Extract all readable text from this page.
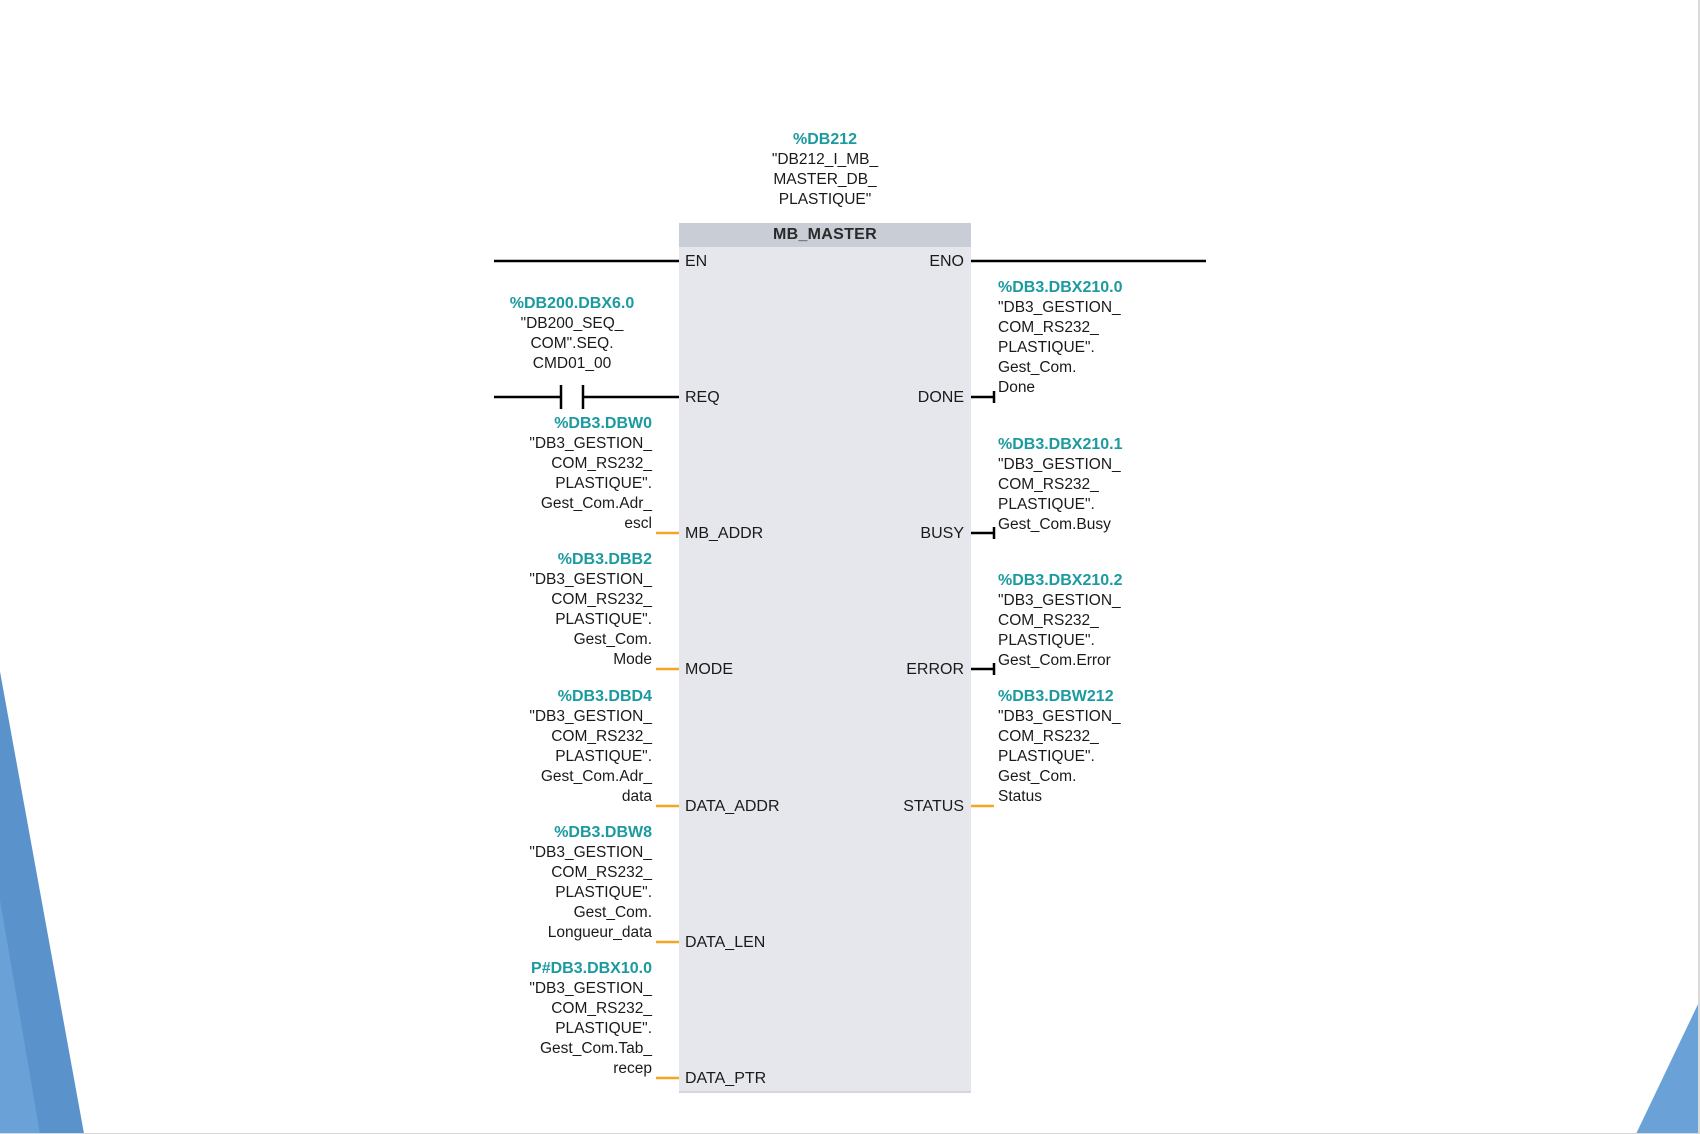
%DB212
"DB212_I_MB_
MASTER_DB_
PLASTIQUE"
MB_MASTER
EN
REQ
MB_ADDR
MODE
DATA_ADDR
DATA_LEN
DATA_PTR
ENO
DONE
BUSY
ERROR
STATUS
%DB200.DBX6.0
"DB200_SEQ_
COM".SEQ.
CMD01_00
%DB3.DBW0
"DB3_GESTION_
COM_RS232_
PLASTIQUE".
Gest_Com.Adr_
escl
%DB3.DBB2
"DB3_GESTION_
COM_RS232_
PLASTIQUE".
Gest_Com.
Mode
%DB3.DBD4
"DB3_GESTION_
COM_RS232_
PLASTIQUE".
Gest_Com.Adr_
data
%DB3.DBW8
"DB3_GESTION_
COM_RS232_
PLASTIQUE".
Gest_Com.
Longueur_data
P#DB3.DBX10.0
"DB3_GESTION_
COM_RS232_
PLASTIQUE".
Gest_Com.Tab_
recep
%DB3.DBX210.0
"DB3_GESTION_
COM_RS232_
PLASTIQUE".
Gest_Com.
Done
%DB3.DBX210.1
"DB3_GESTION_
COM_RS232_
PLASTIQUE".
Gest_Com.Busy
%DB3.DBX210.2
"DB3_GESTION_
COM_RS232_
PLASTIQUE".
Gest_Com.Error
%DB3.DBW212
"DB3_GESTION_
COM_RS232_
PLASTIQUE".
Gest_Com.
Status
